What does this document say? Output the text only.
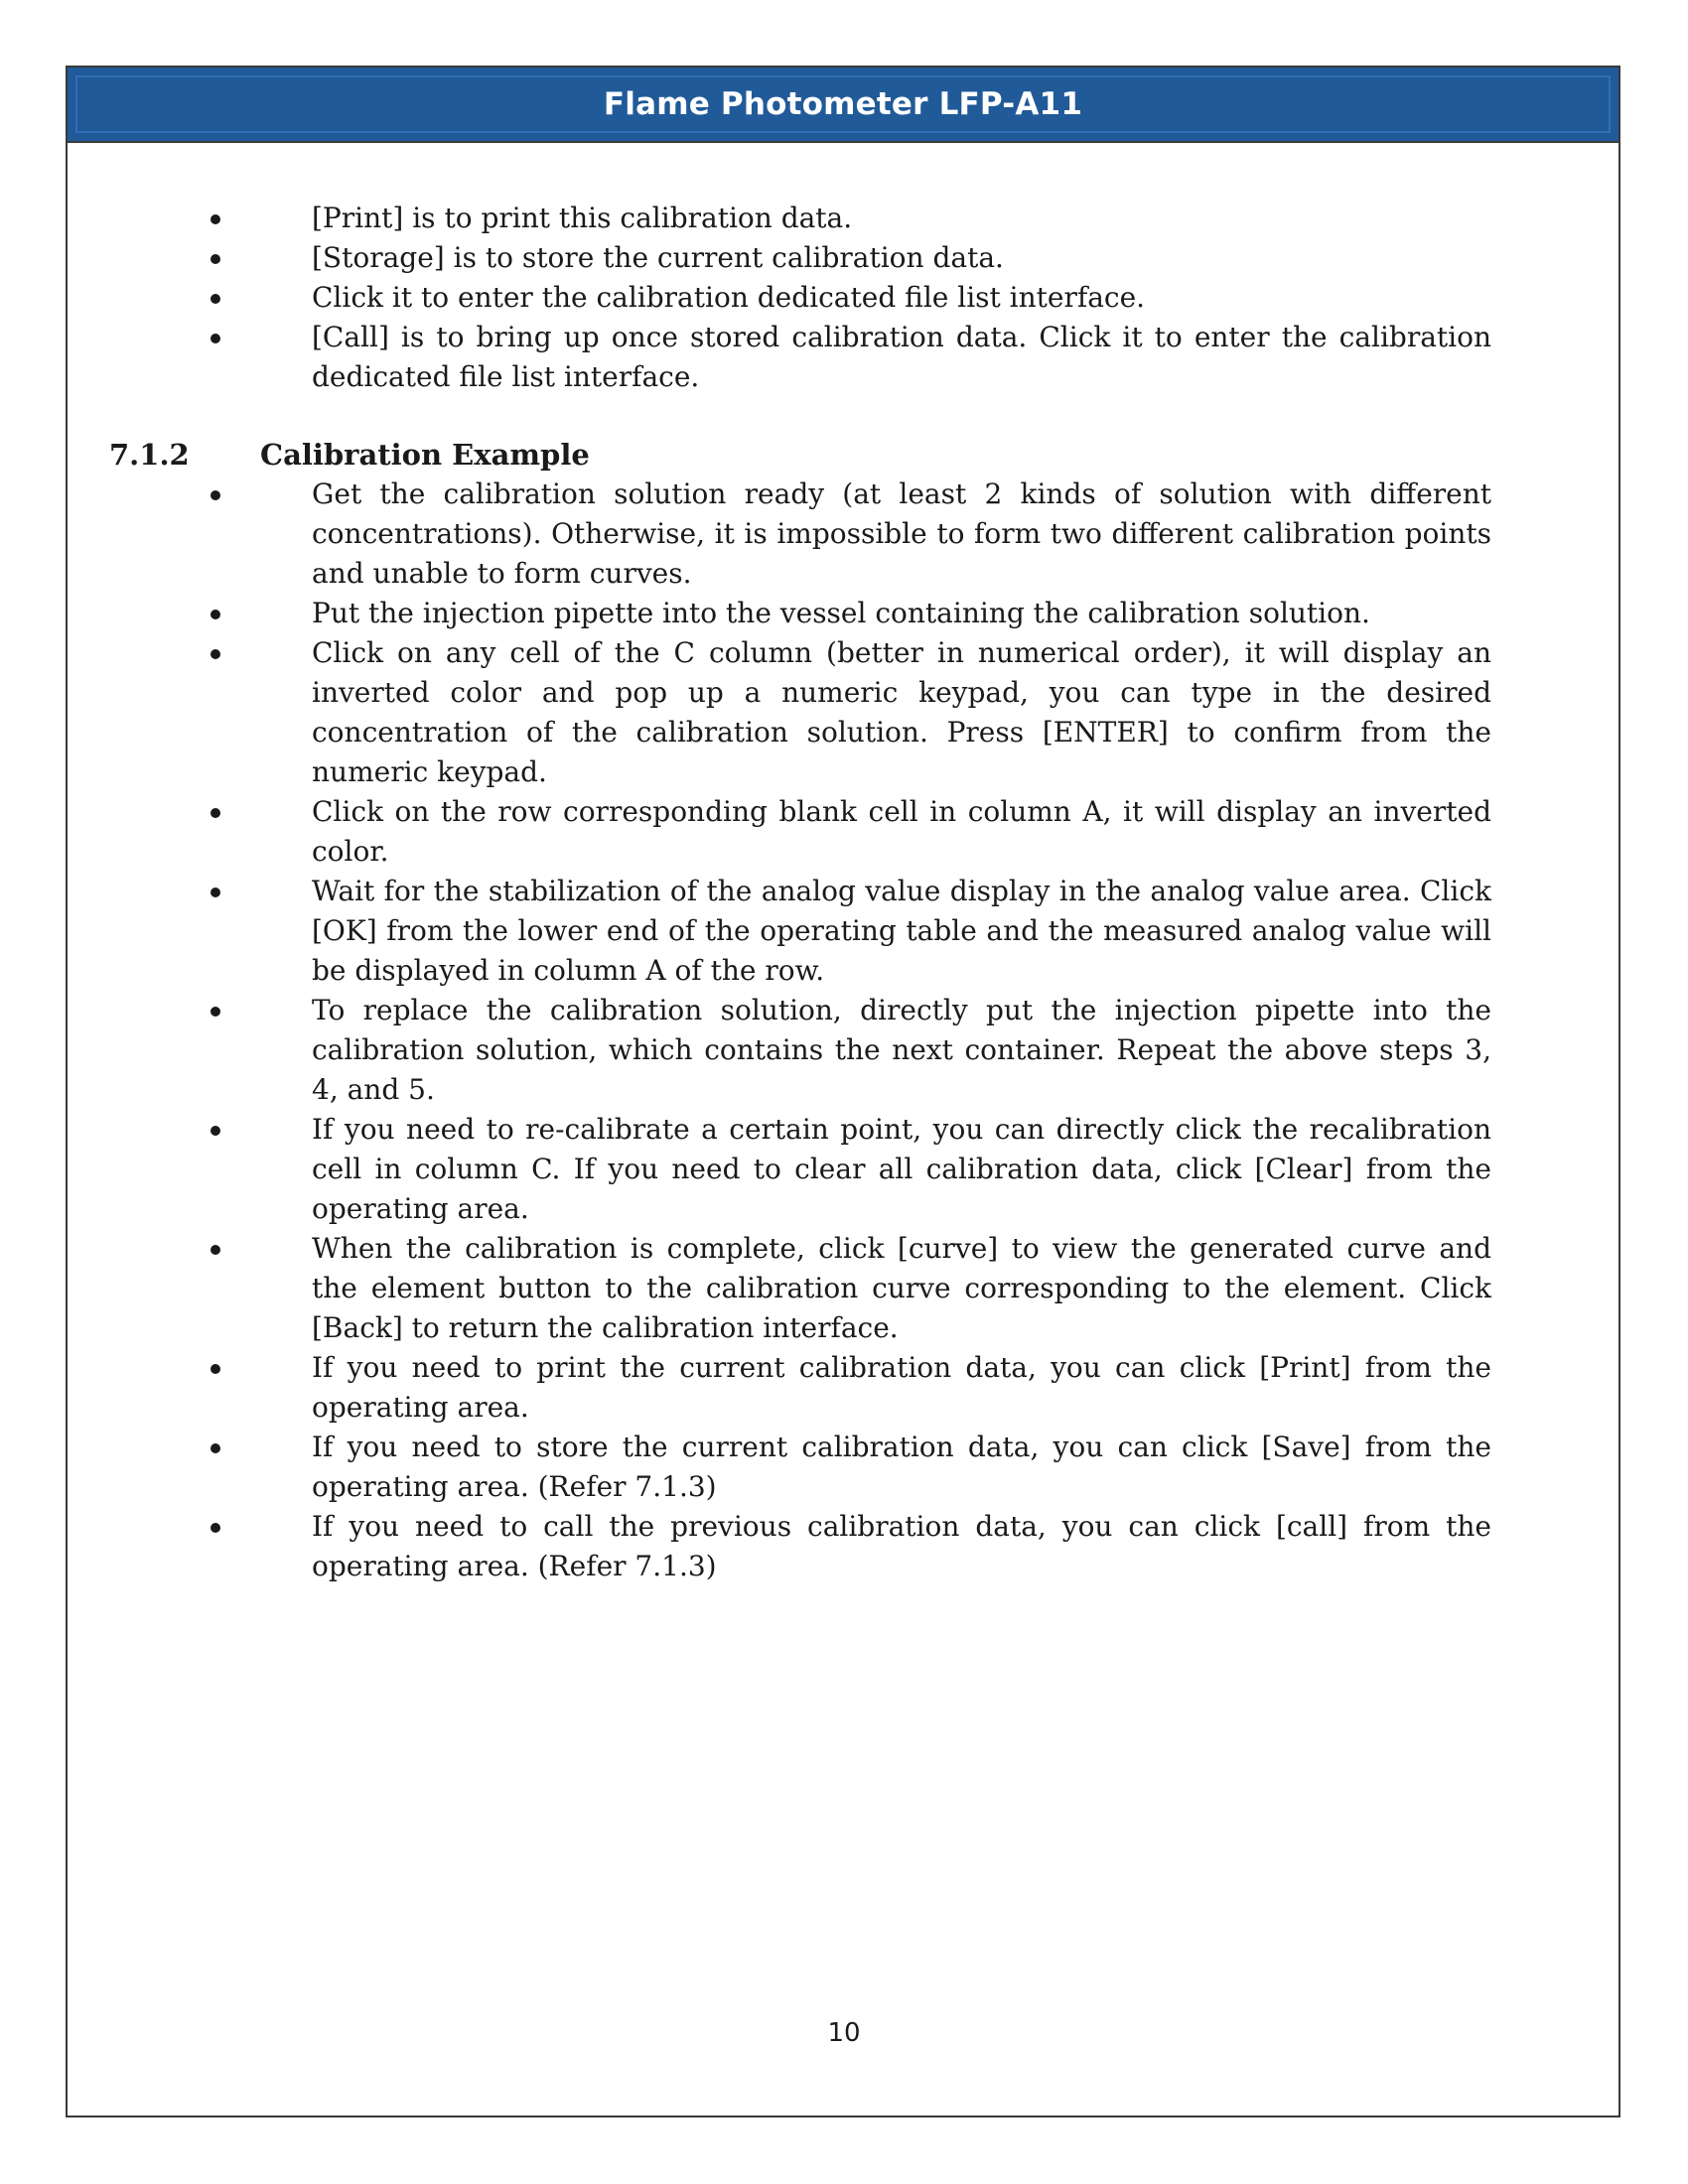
Flame Photometer LFP-A11
[Print] is to print this calibration data.
[Storage] is to store the current calibration data.
Click it to enter the calibration dedicated file list interface.
[Call] is to bring up once stored calibration data. Click it to enter the calibration dedicated file list interface.
7.1.2 Calibration Example
Get the calibration solution ready (at least 2 kinds of solution with different concentrations). Otherwise, it is impossible to form two different calibration points and unable to form curves.
Put the injection pipette into the vessel containing the calibration solution.
Click on any cell of the C column (better in numerical order), it will display an inverted color and pop up a numeric keypad, you can type in the desired concentration of the calibration solution. Press [ENTER] to confirm from the numeric keypad.
Click on the row corresponding blank cell in column A, it will display an inverted color.
Wait for the stabilization of the analog value display in the analog value area. Click [OK] from the lower end of the operating table and the measured analog value will be displayed in column A of the row.
To replace the calibration solution, directly put the injection pipette into the calibration solution, which contains the next container. Repeat the above steps 3, 4, and 5.
If you need to re-calibrate a certain point, you can directly click the recalibration cell in column C. If you need to clear all calibration data, click [Clear] from the operating area.
When the calibration is complete, click [curve] to view the generated curve and the element button to the calibration curve corresponding to the element. Click [Back] to return the calibration interface.
If you need to print the current calibration data, you can click [Print] from the operating area.
If you need to store the current calibration data, you can click [Save] from the operating area. (Refer 7.1.3)
If you need to call the previous calibration data, you can click [call] from the operating area. (Refer 7.1.3)
10
